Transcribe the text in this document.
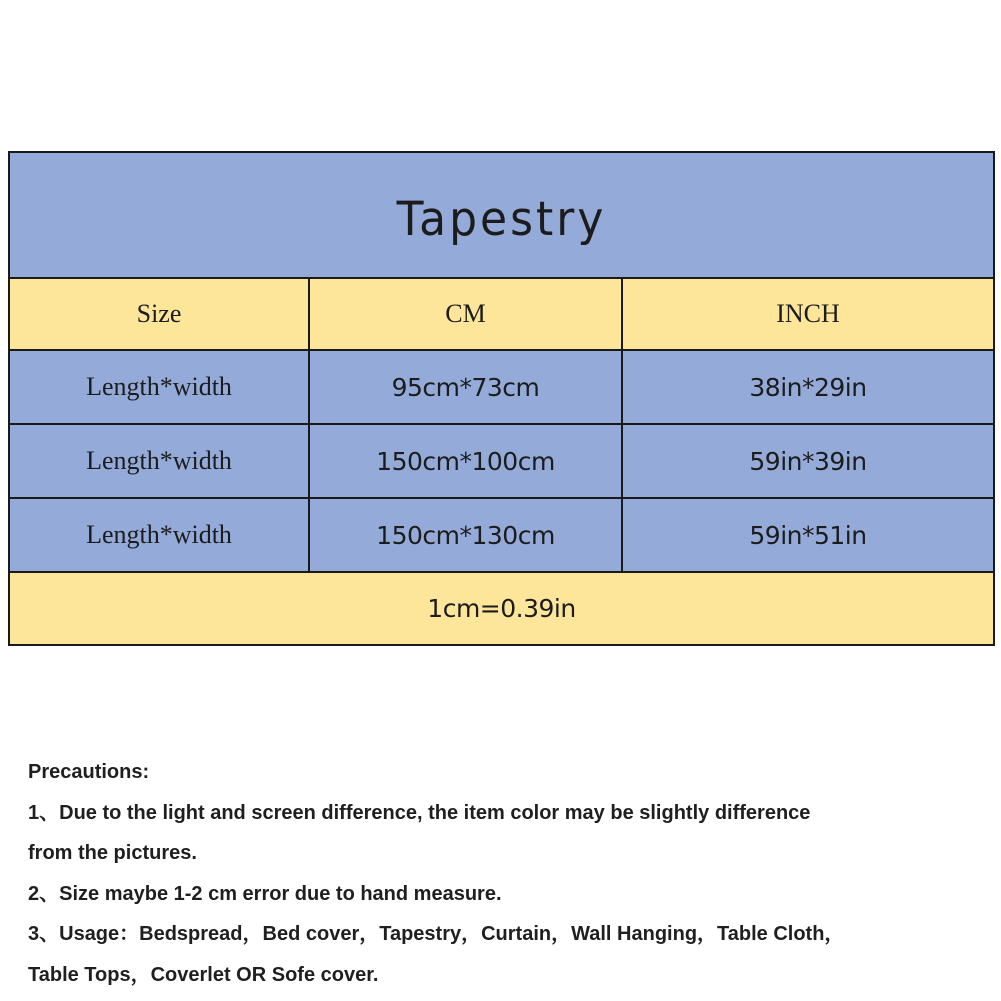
Tapestry		
Size	CM	INCH
Length*width	95cm*73cm	38in*29in
Length*width	150cm*100cm	59in*39in
Length*width	150cm*130cm	59in*51in
1cm=0.39in		

Precautions:

1、Due to the light and screen difference, the item color may be slightly difference

from the pictures.

2、Size maybe 1-2 cm error due to hand measure.

3、Usage：Bedspread，Bed cover，Tapestry，Curtain，Wall Hanging，Table Cloth，

Table Tops，Coverlet OR Sofe cover.
